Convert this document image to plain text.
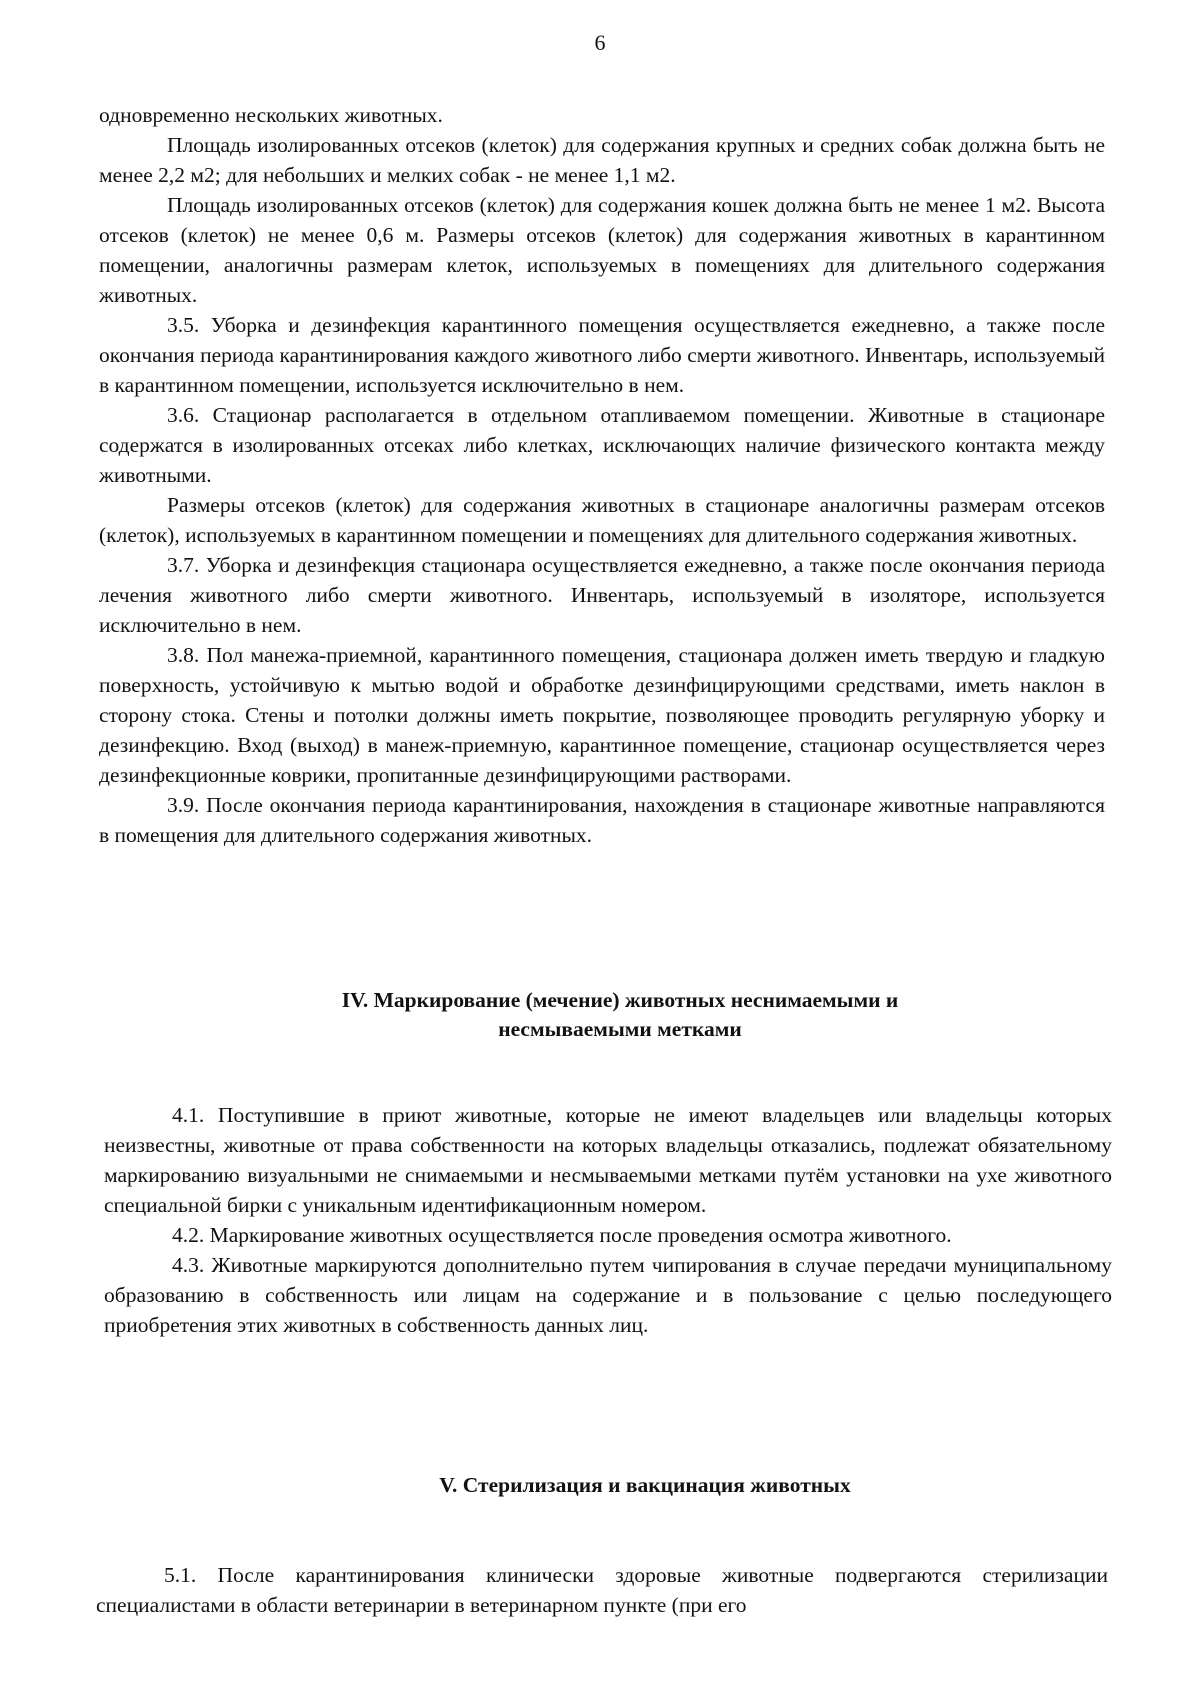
6

одновременно нескольких животных.

Площадь изолированных отсеков (клеток) для содержания крупных и средних собак должна быть не менее 2,2 м2; для небольших и мелких собак - не менее 1,1 м2.

Площадь изолированных отсеков (клеток) для содержания кошек должна быть не менее 1 м2. Высота отсеков (клеток) не менее 0,6 м. Размеры отсеков (клеток) для содержания животных в карантинном помещении, аналогичны размерам клеток, используемых в помещениях для длительного содержания животных.

3.5. Уборка и дезинфекция карантинного помещения осуществляется ежедневно, а также после окончания периода карантинирования каждого животного либо смерти животного. Инвентарь, используемый в карантинном помещении, используется исключительно в нем.

3.6. Стационар располагается в отдельном отапливаемом помещении. Животные в стационаре содержатся в изолированных отсеках либо клетках, исключающих наличие физического контакта между животными.

Размеры отсеков (клеток) для содержания животных в стационаре аналогичны размерам отсеков (клеток), используемых в карантинном помещении и помещениях для длительного содержания животных.

3.7. Уборка и дезинфекция стационара осуществляется ежедневно, а также после окончания периода лечения животного либо смерти животного. Инвентарь, используемый в изоляторе, используется исключительно в нем.

3.8. Пол манежа-приемной, карантинного помещения, стационара должен иметь твердую и гладкую поверхность, устойчивую к мытью водой и обработке дезинфицирующими средствами, иметь наклон в сторону стока. Стены и потолки должны иметь покрытие, позволяющее проводить регулярную уборку и дезинфекцию. Вход (выход) в манеж-приемную, карантинное помещение, стационар осуществляется через дезинфекционные коврики, пропитанные дезинфицирующими растворами.

3.9. После окончания периода карантинирования, нахождения в стационаре животные направляются в помещения для длительного содержания животных.

IV. Маркирование (мечение) животных неснимаемыми и
несмываемыми метками

4.1. Поступившие в приют животные, которые не имеют владельцев или владельцы которых неизвестны, животные от права собственности на которых владельцы отказались, подлежат обязательному маркированию визуальными не снимаемыми и несмываемыми метками путём установки на ухе животного специальной бирки с уникальным идентификационным номером.

4.2. Маркирование животных осуществляется после проведения осмотра животного.

4.3. Животные маркируются дополнительно путем чипирования в случае передачи муниципальному образованию в собственность или лицам на содержание и в пользование с целью последующего приобретения этих животных в собственность данных лиц.

V. Стерилизация и вакцинация животных

5.1. После карантинирования клинически здоровые животные подвергаются стерилизации специалистами в области ветеринарии в ветеринарном пункте (при его
